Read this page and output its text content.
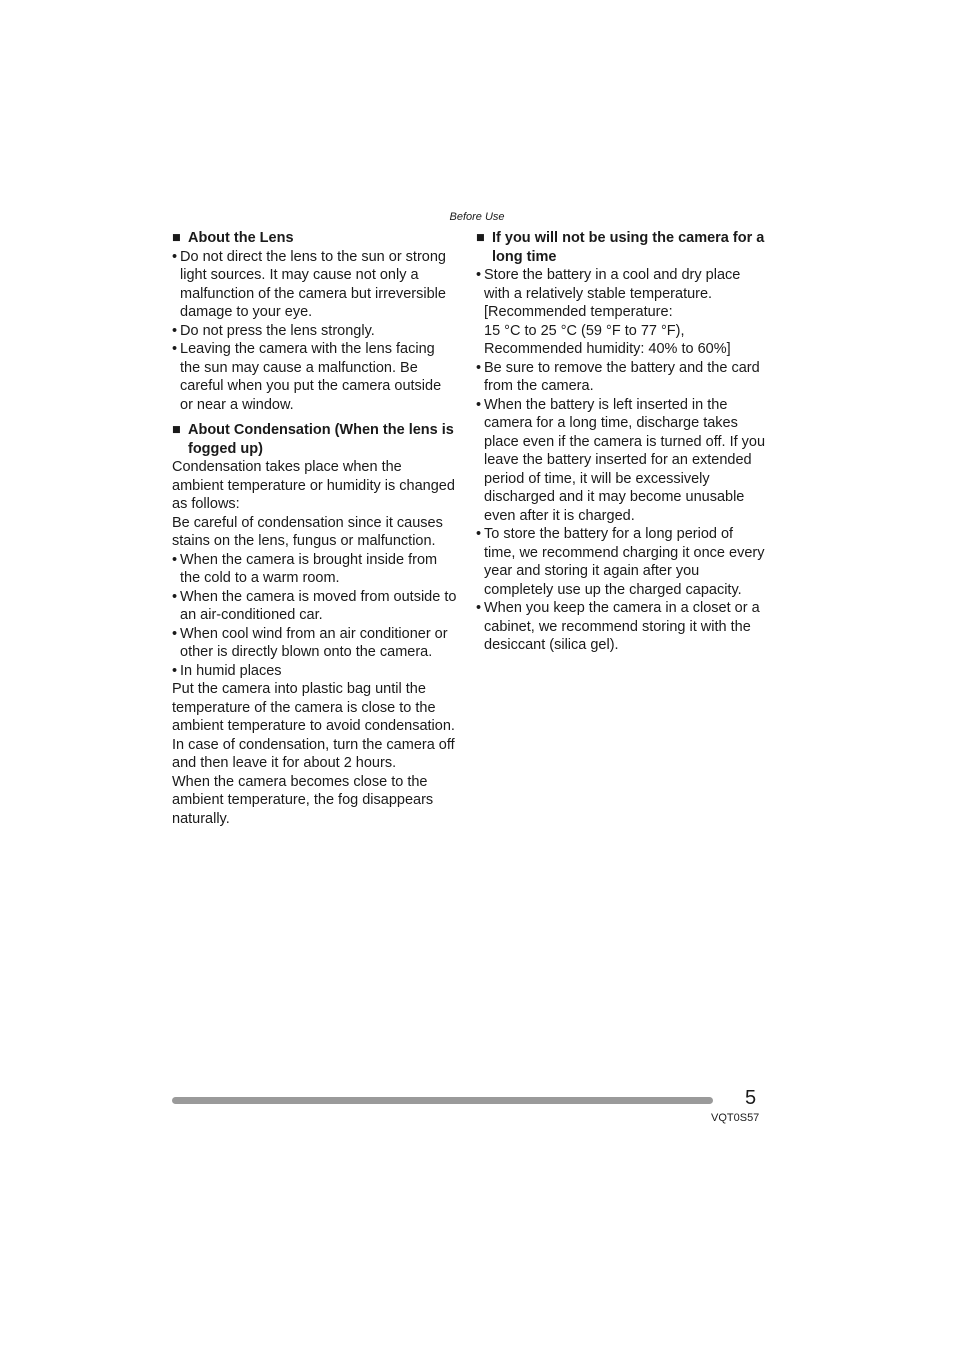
Before Use
■ About the Lens
• Do not direct the lens to the sun or strong light sources. It may cause not only a malfunction of the camera but irreversible damage to your eye.
• Do not press the lens strongly.
• Leaving the camera with the lens facing the sun may cause a malfunction. Be careful when you put the camera outside or near a window.
■ About Condensation (When the lens is fogged up)
Condensation takes place when the ambient temperature or humidity is changed as follows:
Be careful of condensation since it causes stains on the lens, fungus or malfunction.
• When the camera is brought inside from the cold to a warm room.
• When the camera is moved from outside to an air-conditioned car.
• When cool wind from an air conditioner or other is directly blown onto the camera.
• In humid places
Put the camera into plastic bag until the temperature of the camera is close to the ambient temperature to avoid condensation. In case of condensation, turn the camera off and then leave it for about 2 hours.
When the camera becomes close to the ambient temperature, the fog disappears naturally.
■ If you will not be using the camera for a long time
• Store the battery in a cool and dry place with a relatively stable temperature.
[Recommended temperature:
15 °C to 25 °C (59 °F to 77 °F),
Recommended humidity: 40% to 60%]
• Be sure to remove the battery and the card from the camera.
• When the battery is left inserted in the camera for a long time, discharge takes place even if the camera is turned off. If you leave the battery inserted for an extended period of time, it will be excessively discharged and it may become unusable even after it is charged.
• To store the battery for a long period of time, we recommend charging it once every year and storing it again after you completely use up the charged capacity.
• When you keep the camera in a closet or a cabinet, we recommend storing it with the desiccant (silica gel).
5
VQT0S57
